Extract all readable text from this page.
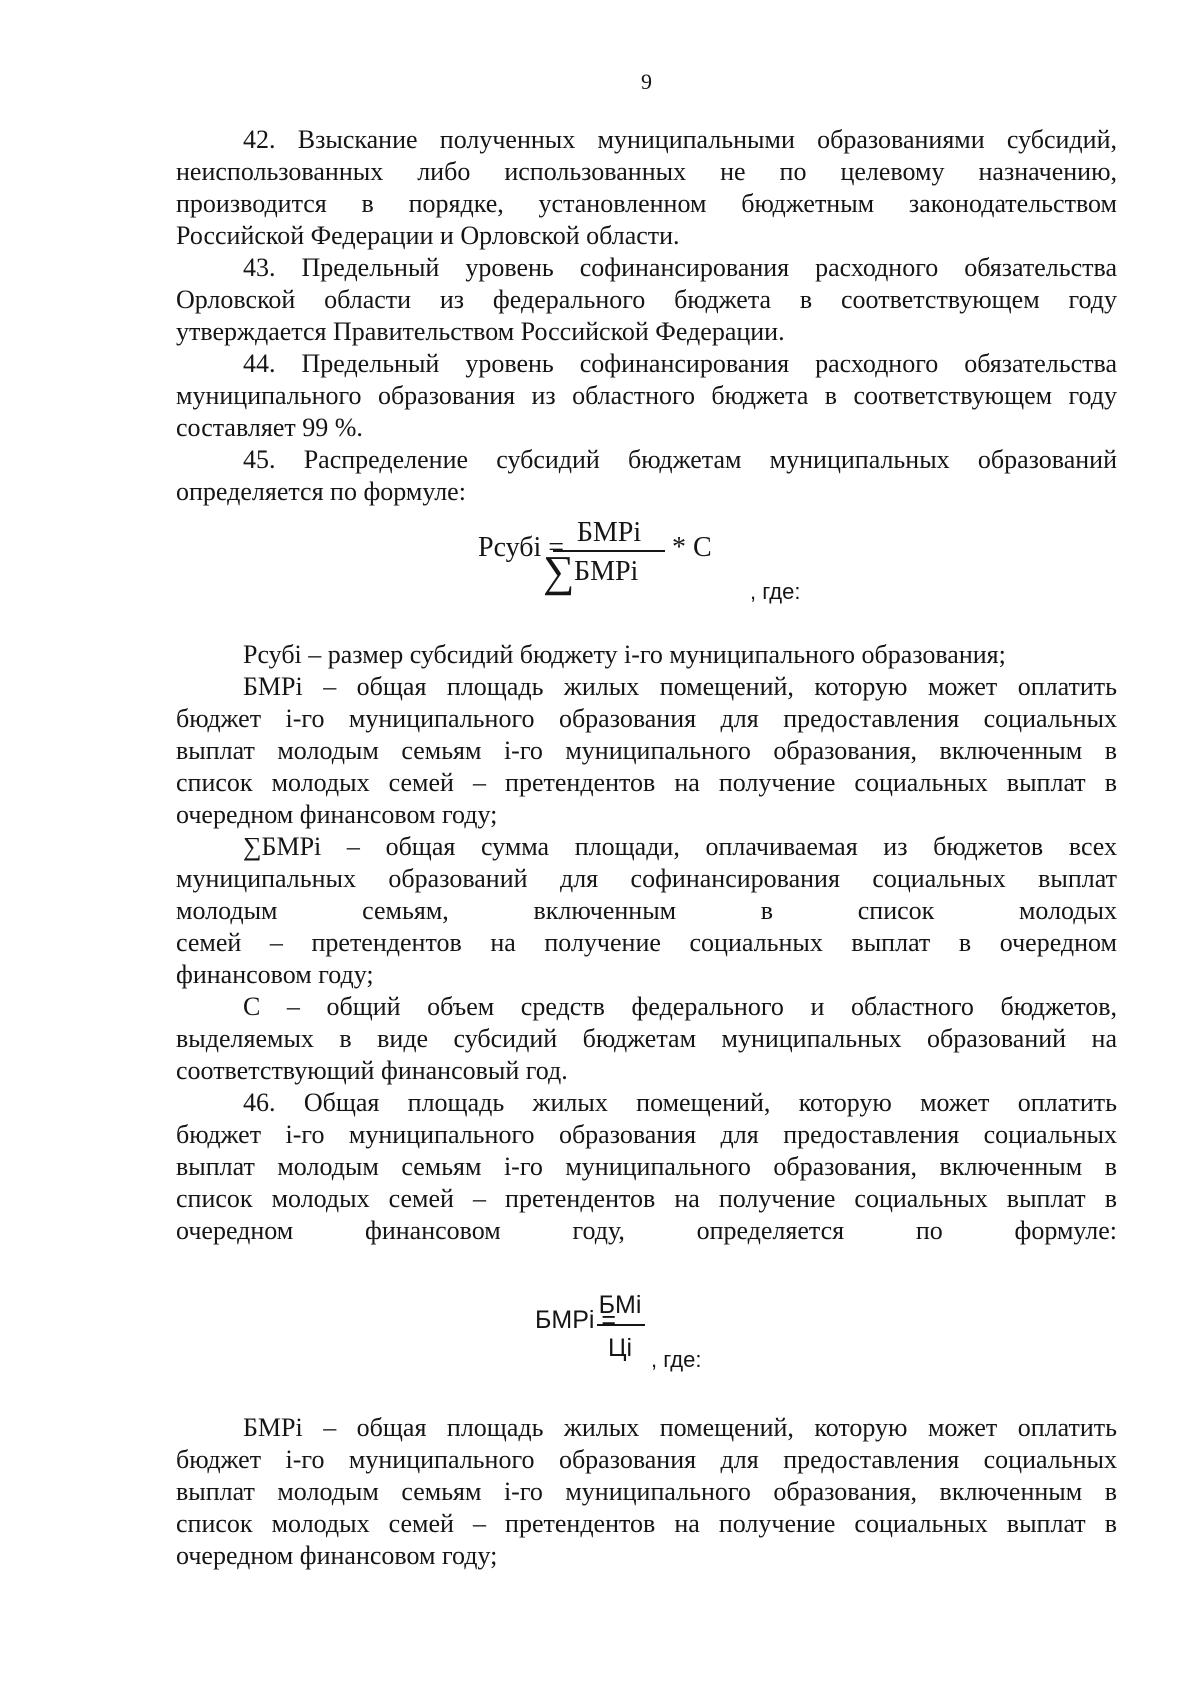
9
42. Взыскание полученных муниципальными образованиями субсидий,
неиспользованных либо использованных не по целевому назначению,
производится в порядке, установленном бюджетным законодательством
Российской Федерации и Орловской области.
43. Предельный уровень софинансирования расходного обязательства
Орловской области из федерального бюджета в соответствующем году
утверждается Правительством Российской Федерации.
44. Предельный уровень софинансирования расходного обязательства
муниципального образования из областного бюджета в соответствующем году
составляет 99 %.
45. Распределение субсидий бюджетам муниципальных образований
определяется по формуле:
Рсубi = БМРi
∑ БМРi
* С
, где:
Рсубi – размер субсидий бюджету i-го муниципального образования;
БМРi – общая площадь жилых помещений, которую может оплатить
бюджет i-го муниципального образования для предоставления социальных
выплат молодым семьям i-го муниципального образования, включенным в
список молодых семей – претендентов на получение социальных выплат в
очередном финансовом году;
∑БМРi – общая сумма площади, оплачиваемая из бюджетов всех
муниципальных образований для софинансирования социальных выплат
молодым семьям, включенным в список молодых
семей – претендентов на получение социальных выплат в очередном
финансовом году;
С – общий объем средств федерального и областного бюджетов,
выделяемых в виде субсидий бюджетам муниципальных образований на
соответствующий финансовый год.
46. Общая площадь жилых помещений, которую может оплатить
бюджет i-го муниципального образования для предоставления социальных
выплат молодым семьям i-го муниципального образования, включенным в
список молодых семей – претендентов на получение социальных выплат в
очередном финансовом году, определяется по формуле:
БМРi =
БМi
Цi , где:
БМРi – общая площадь жилых помещений, которую может оплатить
бюджет i-го муниципального образования для предоставления социальных
выплат молодым семьям i-го муниципального образования, включенным в
список молодых семей – претендентов на получение социальных выплат в
очередном финансовом году;
